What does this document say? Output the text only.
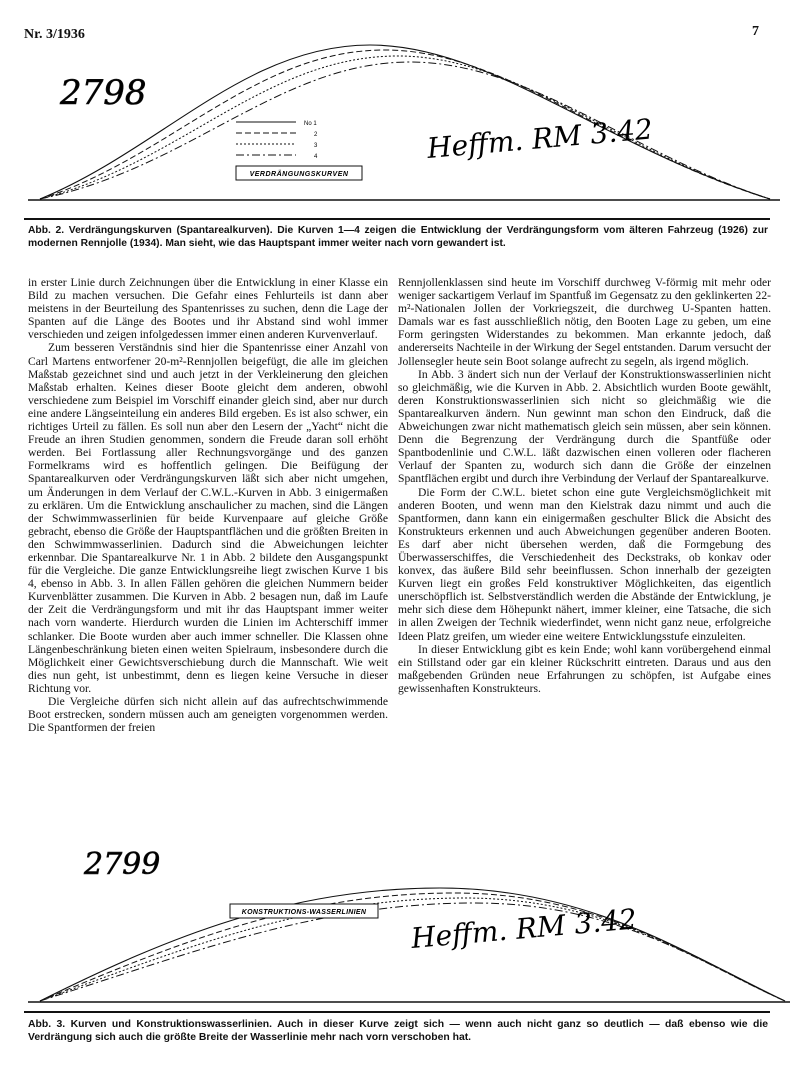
Nr. 3/1936	7
No 1
2
3
4
VERDRÄNGUNGSKURVEN
2798
Heffm. RM 3.42
Abb. 2. Verdrängungskurven (Spantarealkurven). Die Kurven 1—4 zeigen die Entwicklung der Verdrängungsform vom älteren Fahrzeug (1926) zur modernen Rennjolle (1934). Man sieht, wie das Hauptspant immer weiter nach vorn gewandert ist.

in erster Linie durch Zeichnungen über die Entwicklung in einer Klasse ein Bild zu machen versuchen. Die Gefahr eines Fehlurteils ist dann aber meistens in der Beurteilung des Spantenrisses zu suchen, denn die Lage der Spanten auf die Länge des Bootes und ihr Abstand sind wohl immer verschieden und zeigen infolgedessen immer einen anderen Kurvenverlauf.

Zum besseren Verständnis sind hier die Spantenrisse einer Anzahl von Carl Martens entworfener 20-m²-Rennjollen beigefügt, die alle im gleichen Maßstab gezeichnet sind und auch jetzt in der Verkleinerung den gleichen Maßstab erhalten. Keines dieser Boote gleicht dem anderen, obwohl verschiedene zum Beispiel im Vorschiff einander gleich sind, aber nur durch eine andere Längseinteilung ein anderes Bild ergeben. Es ist also schwer, ein richtiges Urteil zu fällen. Es soll nun aber den Lesern der „Yacht“ nicht die Freude an ihren Studien genommen, sondern die Freude daran soll erhöht werden. Bei Fortlassung aller Rechnungsvorgänge und des ganzen Formelkrams wird es hoffentlich gelingen. Die Beifügung der Spantarealkurven oder Verdrängungskurven läßt sich aber nicht umgehen, um Änderungen in dem Verlauf der C.W.L.-Kurven in Abb. 3 einigermaßen zu erklären. Um die Entwicklung anschaulicher zu machen, sind die Längen der Schwimmwasserlinien für beide Kurvenpaare auf gleiche Größe gebracht, ebenso die Größe der Hauptspantflächen und die größten Breiten in den Schwimmwasserlinien. Dadurch sind die Abweichungen leichter erkennbar. Die Spantarealkurve Nr. 1 in Abb. 2 bildete den Ausgangspunkt für die Vergleiche. Die ganze Entwicklungsreihe liegt zwischen Kurve 1 bis 4, ebenso in Abb. 3. In allen Fällen gehören die gleichen Nummern beider Kurvenblätter zusammen. Die Kurven in Abb. 2 besagen nun, daß im Laufe der Zeit die Verdrängungsform und mit ihr das Hauptspant immer weiter nach vorn wanderte. Hierdurch wurden die Linien im Achterschiff immer schlanker. Die Boote wurden aber auch immer schneller. Die Klassen ohne Längenbeschränkung bieten einen weiten Spielraum, insbesondere durch die Möglichkeit einer Gewichtsverschiebung durch die Mannschaft. Wie weit dies nun geht, ist unbestimmt, denn es liegen keine Versuche in dieser Richtung vor.

Die Vergleiche dürfen sich nicht allein auf das aufrechtschwimmende Boot erstrecken, sondern müssen auch am geneigten vorgenommen werden. Die Spantformen der freien

Rennjollenklassen sind heute im Vorschiff durchweg V-förmig mit mehr oder weniger sackartigem Verlauf im Spantfuß im Gegensatz zu den geklinkerten 22-m²-Nationalen Jollen der Vorkriegszeit, die durchweg U-Spanten hatten. Damals war es fast ausschließlich nötig, den Booten Lage zu geben, um eine Form geringsten Widerstandes zu bekommen. Man erkannte jedoch, daß andererseits Nachteile in der Wirkung der Segel entstanden. Darum versucht der Jollensegler heute sein Boot solange aufrecht zu segeln, als irgend möglich.

In Abb. 3 ändert sich nun der Verlauf der Konstruktionswasserlinien nicht so gleichmäßig, wie die Kurven in Abb. 2. Absichtlich wurden Boote gewählt, deren Konstruktionswasserlinien sich nicht so gleichmäßig wie die Spantarealkurven ändern. Nun gewinnt man schon den Eindruck, daß die Abweichungen zwar nicht mathematisch gleich sein müssen, aber sein können. Denn die Begrenzung der Verdrängung durch die Spantfüße oder Spantbodenlinie und C.W.L. läßt dazwischen einen volleren oder flacheren Verlauf der Spanten zu, wodurch sich dann die Größe der einzelnen Spantflächen ergibt und durch ihre Verbindung der Verlauf der Spantarealkurve.

Die Form der C.W.L. bietet schon eine gute Vergleichsmöglichkeit mit anderen Booten, und wenn man den Kielstrak dazu nimmt und auch die Spantformen, dann kann ein einigermaßen geschulter Blick die Absicht des Konstrukteurs erkennen und auch Abweichungen gegenüber anderen Booten. Es darf aber nicht übersehen werden, daß die Formgebung des Überwasserschiffes, die Verschiedenheit des Deckstraks, ob konkav oder konvex, das äußere Bild sehr beeinflussen. Schon innerhalb der gezeigten Kurven liegt ein großes Feld konstruktiver Möglichkeiten, das eigentlich unerschöpflich ist. Selbstverständlich werden die Abstände der Entwicklung, je mehr sich diese dem Höhepunkt nähert, immer kleiner, eine Tatsache, die sich in allen Zweigen der Technik wiederfindet, wenn nicht ganz neue, erfolgreiche Ideen Platz greifen, um wieder eine weitere Entwicklungsstufe einzuleiten.

In dieser Entwicklung gibt es kein Ende; wohl kann vorübergehend einmal ein Stillstand oder gar ein kleiner Rückschritt eintreten. Daraus und aus den maßgebenden Gründen neue Erfahrungen zu schöpfen, ist Aufgabe eines gewissenhaften Konstrukteurs.

KONSTRUKTIONS-WASSERLINIEN
2799
Heffm. RM 3.42
Abb. 3. Kurven und Konstruktionswasserlinien. Auch in dieser Kurve zeigt sich — wenn auch nicht ganz so deutlich — daß ebenso wie die Verdrängung sich auch die größte Breite der Wasserlinie mehr nach vorn verschoben hat.
